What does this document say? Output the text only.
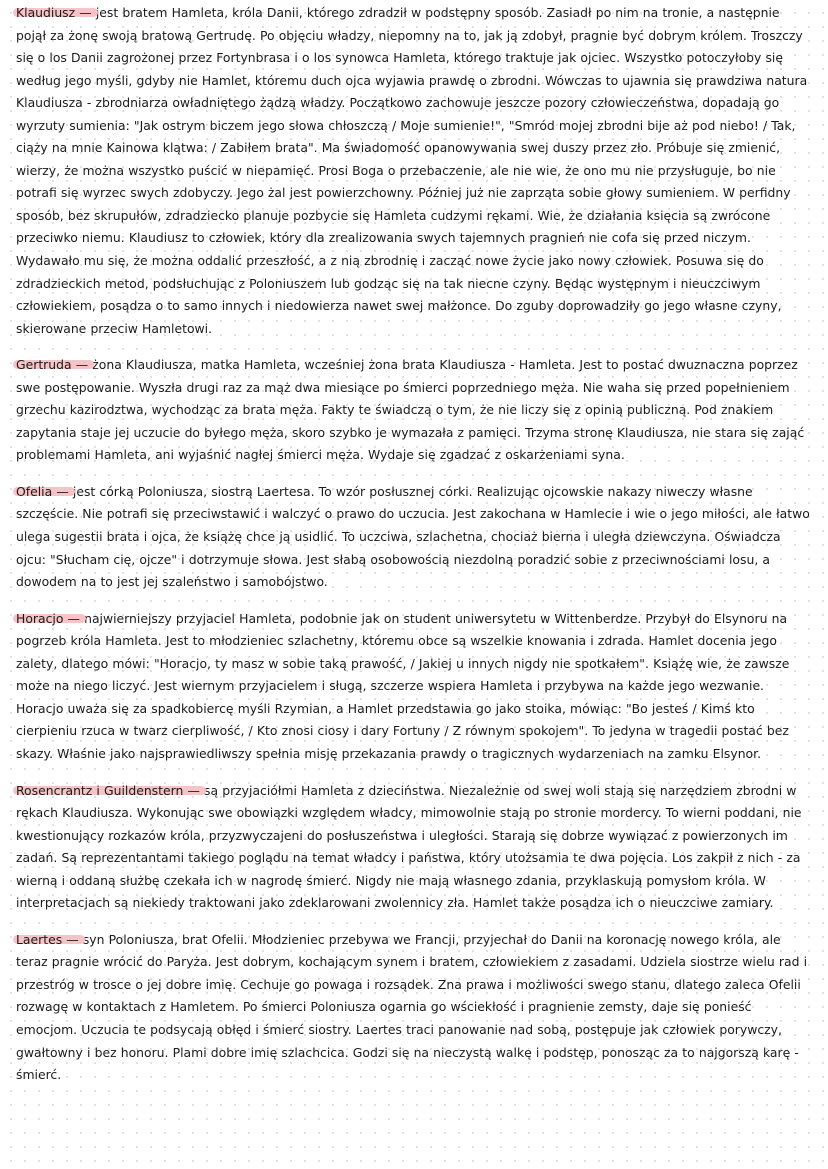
Klaudiusz — jest bratem Hamleta, króla Danii, którego zdradził w podstępny sposób. Zasiadł po nim na tronie, a następnie pojął za żonę swoją bratową Gertrudę. Po objęciu władzy, niepomny na to, jak ją zdobył, pragnie być dobrym królem. Troszczy się o los Danii zagrożonej przez Fortynbrasa i o los synowca Hamleta, którego traktuje jak ojciec. Wszystko potoczyłoby się według jego myśli, gdyby nie Hamlet, któremu duch ojca wyjawia prawdę o zbrodni. Wówczas to ujawnia się prawdziwa natura Klaudiusza - zbrodniarza owładniętego żądzą władzy. Początkowo zachowuje jeszcze pozory człowieczeństwa, dopadają go wyrzuty sumienia: "Jak ostrym biczem jego słowa chłoszczą / Moje sumienie!", "Smród mojej zbrodni bije aż pod niebo! / Tak, ciąży na mnie Kainowa klątwa: / Zabiłem brata". Ma świadomość opanowywania swej duszy przez zło. Próbuje się zmienić, wierzy, że można wszystko puścić w niepamięć. Prosi Boga o przebaczenie, ale nie wie, że ono mu nie przysługuje, bo nie potrafi się wyrzec swych zdobyczy. Jego żal jest powierzchowny. Później już nie zaprząta sobie głowy sumieniem. W perfidny sposób, bez skrupułów, zdradziecko planuje pozbycie się Hamleta cudzymi rękami. Wie, że działania księcia są zwrócone przeciwko niemu. Klaudiusz to człowiek, który dla zrealizowania swych tajemnych pragnień nie cofa się przed niczym. Wydawało mu się, że można oddalić przeszłość, a z nią zbrodnię i zacząć nowe życie jako nowy człowiek. Posuwa się do zdradzieckich metod, podsłuchując z Poloniuszem lub godząc się na tak niecne czyny. Będąc występnym i nieuczciwym człowiekiem, posądza o to samo innych i niedowierza nawet swej małżonce. Do zguby doprowadziły go jego własne czyny, skierowane przeciw Hamletowi.

Gertruda — żona Klaudiusza, matka Hamleta, wcześniej żona brata Klaudiusza - Hamleta. Jest to postać dwuznaczna poprzez swe postępowanie. Wyszła drugi raz za mąż dwa miesiące po śmierci poprzedniego męża. Nie waha się przed popełnieniem grzechu kazirodztwa, wychodząc za brata męża. Fakty te świadczą o tym, że nie liczy się z opinią publiczną. Pod znakiem zapytania staje jej uczucie do byłego męża, skoro szybko je wymazała z pamięci. Trzyma stronę Klaudiusza, nie stara się zająć problemami Hamleta, ani wyjaśnić nagłej śmierci męża. Wydaje się zgadzać z oskarżeniami syna.

Ofelia — jest córką Poloniusza, siostrą Laertesa. To wzór posłusznej córki. Realizując ojcowskie nakazy niweczy własne szczęście. Nie potrafi się przeciwstawić i walczyć o prawo do uczucia. Jest zakochana w Hamlecie i wie o jego miłości, ale łatwo ulega sugestii brata i ojca, że książę chce ją usidlić. To uczciwa, szlachetna, chociaż bierna i uległa dziewczyna. Oświadcza ojcu: "Słucham cię, ojcze" i dotrzymuje słowa. Jest słabą osobowością niezdolną poradzić sobie z przeciwnościami losu, a dowodem na to jest jej szaleństwo i samobójstwo.

Horacjo — najwierniejszy przyjaciel Hamleta, podobnie jak on student uniwersytetu w Wittenberdze. Przybył do Elsynoru na pogrzeb króla Hamleta. Jest to młodzieniec szlachetny, któremu obce są wszelkie knowania i zdrada. Hamlet docenia jego zalety, dlatego mówi: "Horacjo, ty masz w sobie taką prawość, / Jakiej u innych nigdy nie spotkałem". Książę wie, że zawsze może na niego liczyć. Jest wiernym przyjacielem i sługą, szczerze wspiera Hamleta i przybywa na każde jego wezwanie. Horacjo uważa się za spadkobiercę myśli Rzymian, a Hamlet przedstawia go jako stoika, mówiąc: "Bo jesteś / Kimś kto cierpieniu rzuca w twarz cierpliwość, / Kto znosi ciosy i dary Fortuny / Z równym spokojem". To jedyna w tragedii postać bez skazy. Właśnie jako najsprawiedliwszy spełnia misję przekazania prawdy o tragicznych wydarzeniach na zamku Elsynor.

Rosencrantz i Guildenstern — są przyjaciółmi Hamleta z dzieciństwa. Niezależnie od swej woli stają się narzędziem zbrodni w rękach Klaudiusza. Wykonując swe obowiązki względem władcy, mimowolnie stają po stronie mordercy. To wierni poddani, nie kwestionujący rozkazów króla, przyzwyczajeni do posłuszeństwa i uległości. Starają się dobrze wywiązać z powierzonych im zadań. Są reprezentantami takiego poglądu na temat władcy i państwa, który utożsamia te dwa pojęcia. Los zakpił z nich - za wierną i oddaną służbę czekała ich w nagrodę śmierć. Nigdy nie mają własnego zdania, przyklaskują pomysłom króla. W interpretacjach są niekiedy traktowani jako zdeklarowani zwolennicy zła. Hamlet także posądza ich o nieuczciwe zamiary.

Laertes — syn Poloniusza, brat Ofelii. Młodzieniec przebywa we Francji, przyjechał do Danii na koronację nowego króla, ale teraz pragnie wrócić do Paryża. Jest dobrym, kochającym synem i bratem, człowiekiem z zasadami. Udziela siostrze wielu rad i przestróg w trosce o jej dobre imię. Cechuje go powaga i rozsądek. Zna prawa i możliwości swego stanu, dlatego zaleca Ofelii rozwagę w kontaktach z Hamletem. Po śmierci Poloniusza ogarnia go wściekłość i pragnienie zemsty, daje się ponieść emocjom. Uczucia te podsycają obłęd i śmierć siostry. Laertes traci panowanie nad sobą, postępuje jak człowiek porywczy, gwałtowny i bez honoru. Plami dobre imię szlachcica. Godzi się na nieczystą walkę i podstęp, ponosząc za to najgorszą karę - śmierć.
